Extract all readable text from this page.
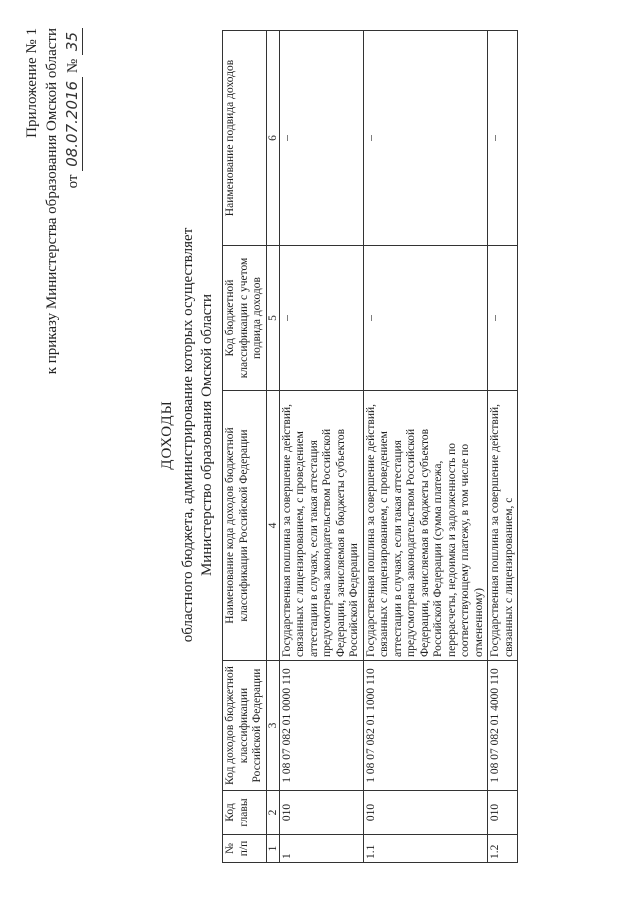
Приложение № 1 к приказу Министерства образования Омской области от 08.07.2016 № 35
ДОХОДЫ областного бюджета, администрирование которых осуществляет Министерство образования Омской области
№ п/п	Код главы	Код доходов бюджетной классификации Российской Федерации	Наименование кода доходов бюджетной классификации Российской Федерации	Код бюджетной классификации с учетом подвида доходов	Наименование подвида доходов
1	2	3	4	5	6
1	010	1 08 07 082 01 0000 110	Государственная пошлина за совершение действий, связанных с лицензированием, с проведением аттестации в случаях, если такая аттестация предусмотрена законодательством Российской Федерации, зачисляемая в бюджеты субъектов Российской Федерации	–	–
1.1	010	1 08 07 082 01 1000 110	Государственная пошлина за совершение действий, связанных с лицензированием, с проведением аттестации в случаях, если такая аттестация предусмотрена законодательством Российской Федерации, зачисляемая в бюджеты субъектов Российской Федерации (сумма платежа, перерасчеты, недоимка и задолженность по соответствующему платежу, в том числе по отмененному)	–	–
1.2	010	1 08 07 082 01 4000 110	Государственная пошлина за совершение действий, связанных с лицензированием, с	–	–
